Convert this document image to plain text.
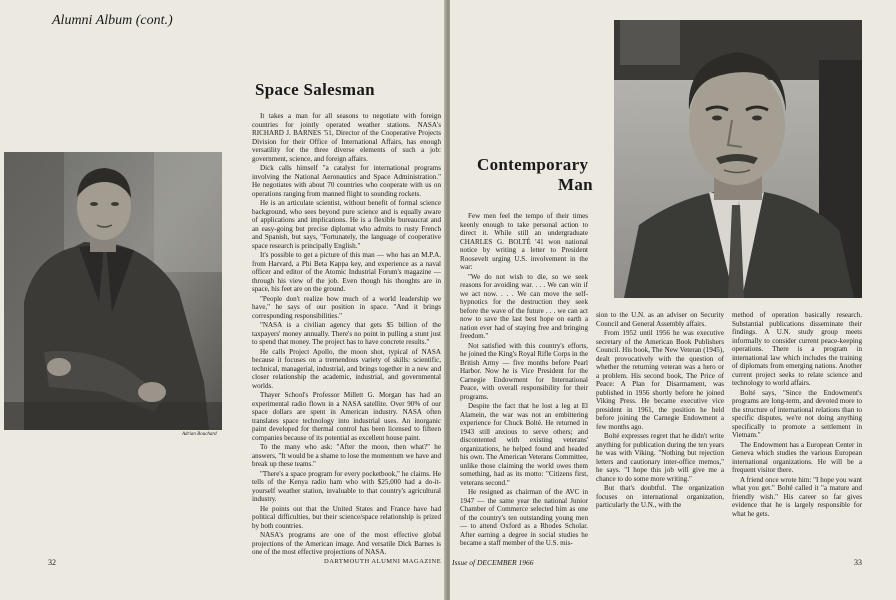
Alumni Album (cont.)
Adrian Bouchard
Space Salesman

It takes a man for all seasons to negotiate with foreign countries for jointly operated weather stations. NASA's RICHARD J. BARNES '51, Director of the Cooperative Projects Division for their Office of International Affairs, has enough versatility for the three diverse elements of such a job: government, science, and foreign affairs.

Dick calls himself "a catalyst for international programs involving the National Aeronautics and Space Administration." He negotiates with about 70 countries who cooperate with us on operations ranging from manned flight to sounding rockets.

He is an articulate scientist, without benefit of formal science background, who sees beyond pure science and is equally aware of applications and implications. He is a flexible bureaucrat and an easy-going but precise diplomat who admits to rusty French and Spanish, but says, "Fortunately, the language of cooperative space research is principally English."

It's possible to get a picture of this man — who has an M.P.A. from Harvard, a Phi Beta Kappa key, and experience as a naval officer and editor of the Atomic Industrial Forum's magazine — through his view of the job. Even though his thoughts are in space, his feet are on the ground.

"People don't realize how much of a world leadership we have," he says of our position in space. "And it brings corresponding responsibilities."

"NASA is a civilian agency that gets $5 billion of the taxpayers' money annually. There's no point in pulling a stunt just to spend that money. The project has to have concrete results."

He calls Project Apollo, the moon shot, typical of NASA because it focuses on a tremendous variety of skills: scientific, technical, managerial, industrial, and brings together in a new and closer relationship the academic, industrial, and governmental worlds.

Thayer School's Professor Millett G. Morgan has had an experimental radio flown in a NASA satellite. Over 90% of our space dollars are spent in American industry. NASA often translates space technology into industrial uses. An inorganic paint developed for thermal control has been licensed to fifteen companies because of its potential as excellent house paint.

To the many who ask: "After the moon, then what?" he answers, "It would be a shame to lose the momentum we have and break up these teams."

"There's a space program for every pocketbook," he claims. He tells of the Kenya radio ham who with $25,000 had a do-it-yourself weather station, invaluable to that country's agricultural industry.

He points out that the United States and France have had political difficulties, but their science/space relationship is prized by both countries.

NASA's programs are one of the most effective global projections of the American image. And versatile Dick Barnes is one of the most effective projections of NASA.

32	DARTMOUTH ALUMNI MAGAZINE
Contemporary
Man

Few men feel the tempo of their times keenly enough to take personal action to direct it. While still an undergraduate CHARLES G. BOLTÉ '41 won national notice by writing a letter to President Roosevelt urging U.S. involvement in the war:

"We do not wish to die, so we seek reasons for avoiding war. . . . We can win if we act now. . . . We can move the self-hypnotics for the destruction they seek before the wave of the future . . . we can act now to save the last best hope on earth a nation ever had of staying free and bringing freedom."

Not satisfied with this country's efforts, he joined the King's Royal Rifle Corps in the British Army — five months before Pearl Harbor. Now he is Vice President for the Carnegie Endowment for International Peace, with overall responsibility for their programs.

Despite the fact that he lost a leg at El Alamein, the war was not an embittering experience for Chuck Bolté. He returned in 1943 still anxious to serve others; and discontented with existing veterans' organizations, he helped found and headed his own. The American Veterans Committee, unlike those claiming the world owes them something, had as its motto: "Citizens first, veterans second."

He resigned as chairman of the AVC in 1947 — the same year the national Junior Chamber of Commerce selected him as one of the country's ten outstanding young men — to attend Oxford as a Rhodes Scholar. After earning a degree in social studies he became a staff member of the U.S. mis-

sion to the U.N. as an adviser on Security Council and General Assembly affairs.

From 1952 until 1956 he was executive secretary of the American Book Publishers Council. His book, The New Veteran (1945), dealt provocatively with the question of whether the returning veteran was a hero or a problem. His second book, The Price of Peace: A Plan for Disarmament, was published in 1956 shortly before he joined Viking Press. He became executive vice president in 1961, the position he held before joining the Carnegie Endowment a few months ago.

Bolté expresses regret that he didn't write anything for publication during the ten years he was with Viking. "Nothing but rejection letters and cautionary inter-office memos," he says. "I hope this job will give me a chance to do some more writing."

But that's doubtful. The organization focuses on international organization, particularly the U.N., with the

method of operation basically research. Substantial publications disseminate their findings. A U.N. study group meets informally to consider current peace-keeping operations. There is a program in international law which includes the training of diplomats from emerging nations. Another current project seeks to relate science and technology to world affairs.

Bolté says, "Since the Endowment's programs are long-term, and devoted more to the structure of international relations than to specific disputes, we're not doing anything specifically to promote a settlement in Vietnam."

The Endowment has a European Center in Geneva which studies the various European international organizations. He will be a frequent visitor there.

A friend once wrote him: "I hope you want what you get." Bolté called it "a mature and friendly wish." His career so far gives evidence that he is largely responsible for what he gets.

Issue of DECEMBER 1966	33
